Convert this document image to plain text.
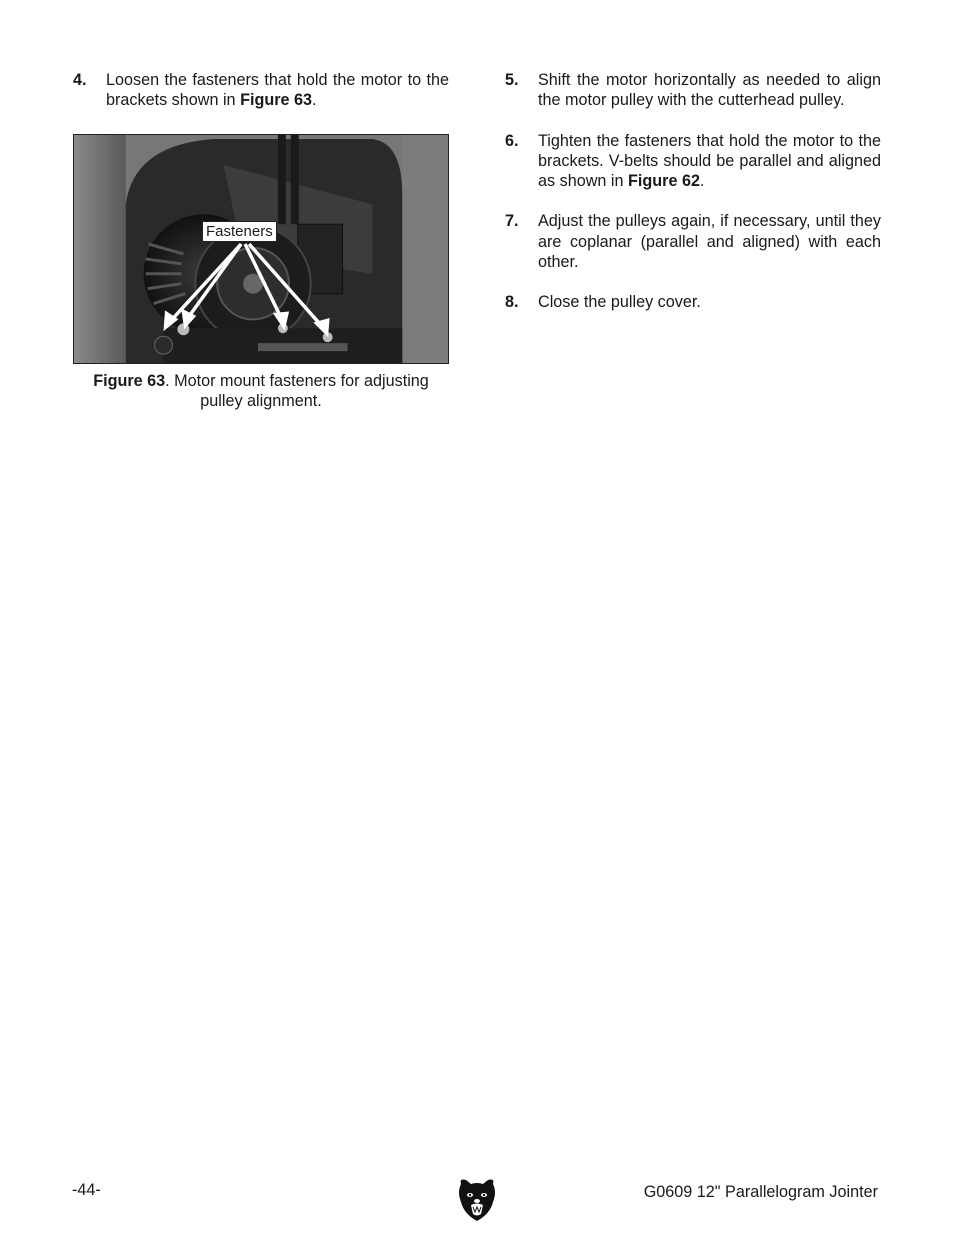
4. Loosen the fasteners that hold the motor to the brackets shown in Figure 63.

Fasteners

Figure 63. Motor mount fasteners for adjusting pulley alignment.

5. Shift the motor horizontally as needed to align the motor pulley with the cutterhead pulley.

6. Tighten the fasteners that hold the motor to the brackets. V-belts should be parallel and aligned as shown in Figure 62.

7. Adjust the pulleys again, if necessary, until they are coplanar (parallel and aligned) with each other.

8. Close the pulley cover.

-44-	G0609 12" Parallelogram Jointer
